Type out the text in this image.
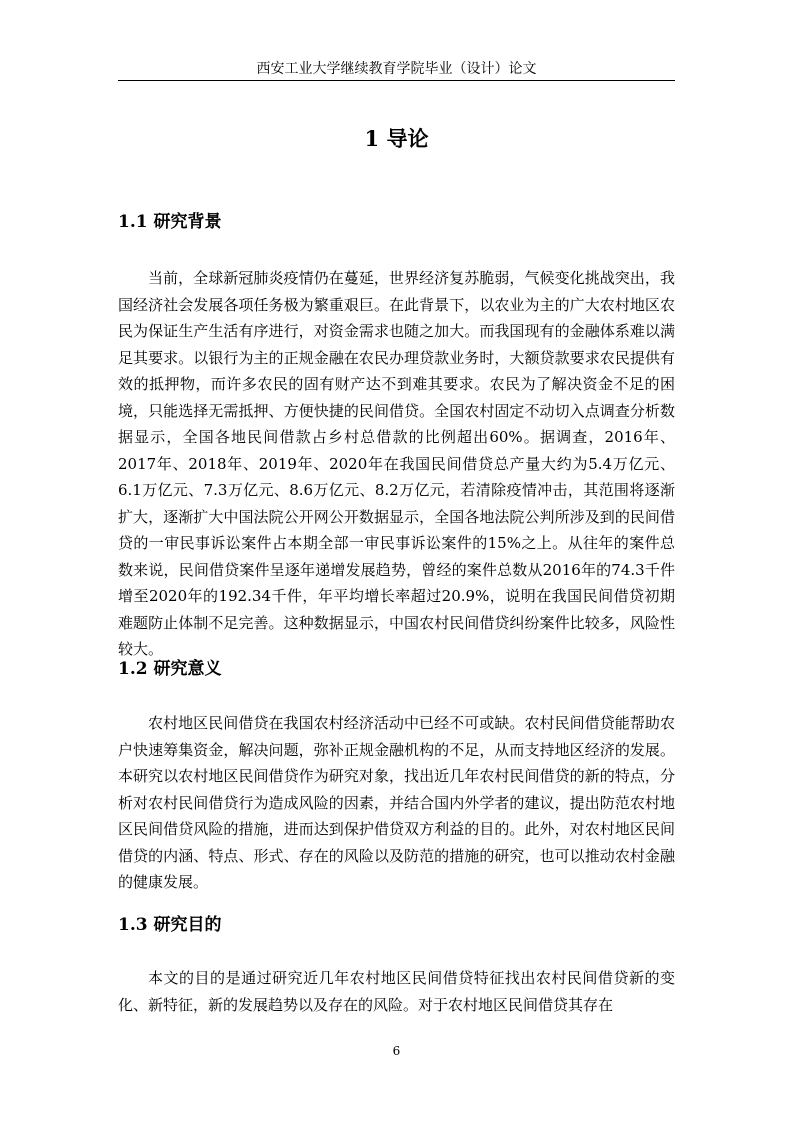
西安工业大学继续教育学院毕业（设计）论文
1 导论
1.1 研究背景

当前，全球新冠肺炎疫情仍在蔓延，世界经济复苏脆弱，气候变化挑战突出，我国经济社会发展各项任务极为繁重艰巨。在此背景下，以农业为主的广大农村地区农民为保证生产生活有序进行，对资金需求也随之加大。而我国现有的金融体系难以满足其要求。以银行为主的正规金融在农民办理贷款业务时，大额贷款要求农民提供有效的抵押物，而许多农民的固有财产达不到难其要求。农民为了解决资金不足的困境，只能选择无需抵押、方便快捷的民间借贷。全国农村固定不动切入点调查分析数据显示，全国各地民间借款占乡村总借款的比例超出60%。据调查，2016年、2017年、2018年、2019年、2020年在我国民间借贷总产量大约为5.4万亿元、6.1万亿元、7.3万亿元、8.6万亿元、8.2万亿元，若清除疫情冲击，其范围将逐渐扩大，逐渐扩大中国法院公开网公开数据显示，全国各地法院公判所涉及到的民间借贷的一审民事诉讼案件占本期全部一审民事诉讼案件的15%之上。从往年的案件总数来说，民间借贷案件呈逐年递增发展趋势，曾经的案件总数从2016年的74.3千件增至2020年的192.34千件，年平均增长率超过20.9%，说明在我国民间借贷初期难题防止体制不足完善。这种数据显示，中国农村民间借贷纠纷案件比较多，风险性较大。

1.2 研究意义

农村地区民间借贷在我国农村经济活动中已经不可或缺。农村民间借贷能帮助农户快速筹集资金，解决问题，弥补正规金融机构的不足，从而支持地区经济的发展。本研究以农村地区民间借贷作为研究对象，找出近几年农村民间借贷的新的特点，分析对农村民间借贷行为造成风险的因素，并结合国内外学者的建议，提出防范农村地区民间借贷风险的措施，进而达到保护借贷双方利益的目的。此外，对农村地区民间借贷的内涵、特点、形式、存在的风险以及防范的措施的研究，也可以推动农村金融的健康发展。

1.3 研究目的

本文的目的是通过研究近几年农村地区民间借贷特征找出农村民间借贷新的变化、新特征，新的发展趋势以及存在的风险。对于农村地区民间借贷其存在

6
